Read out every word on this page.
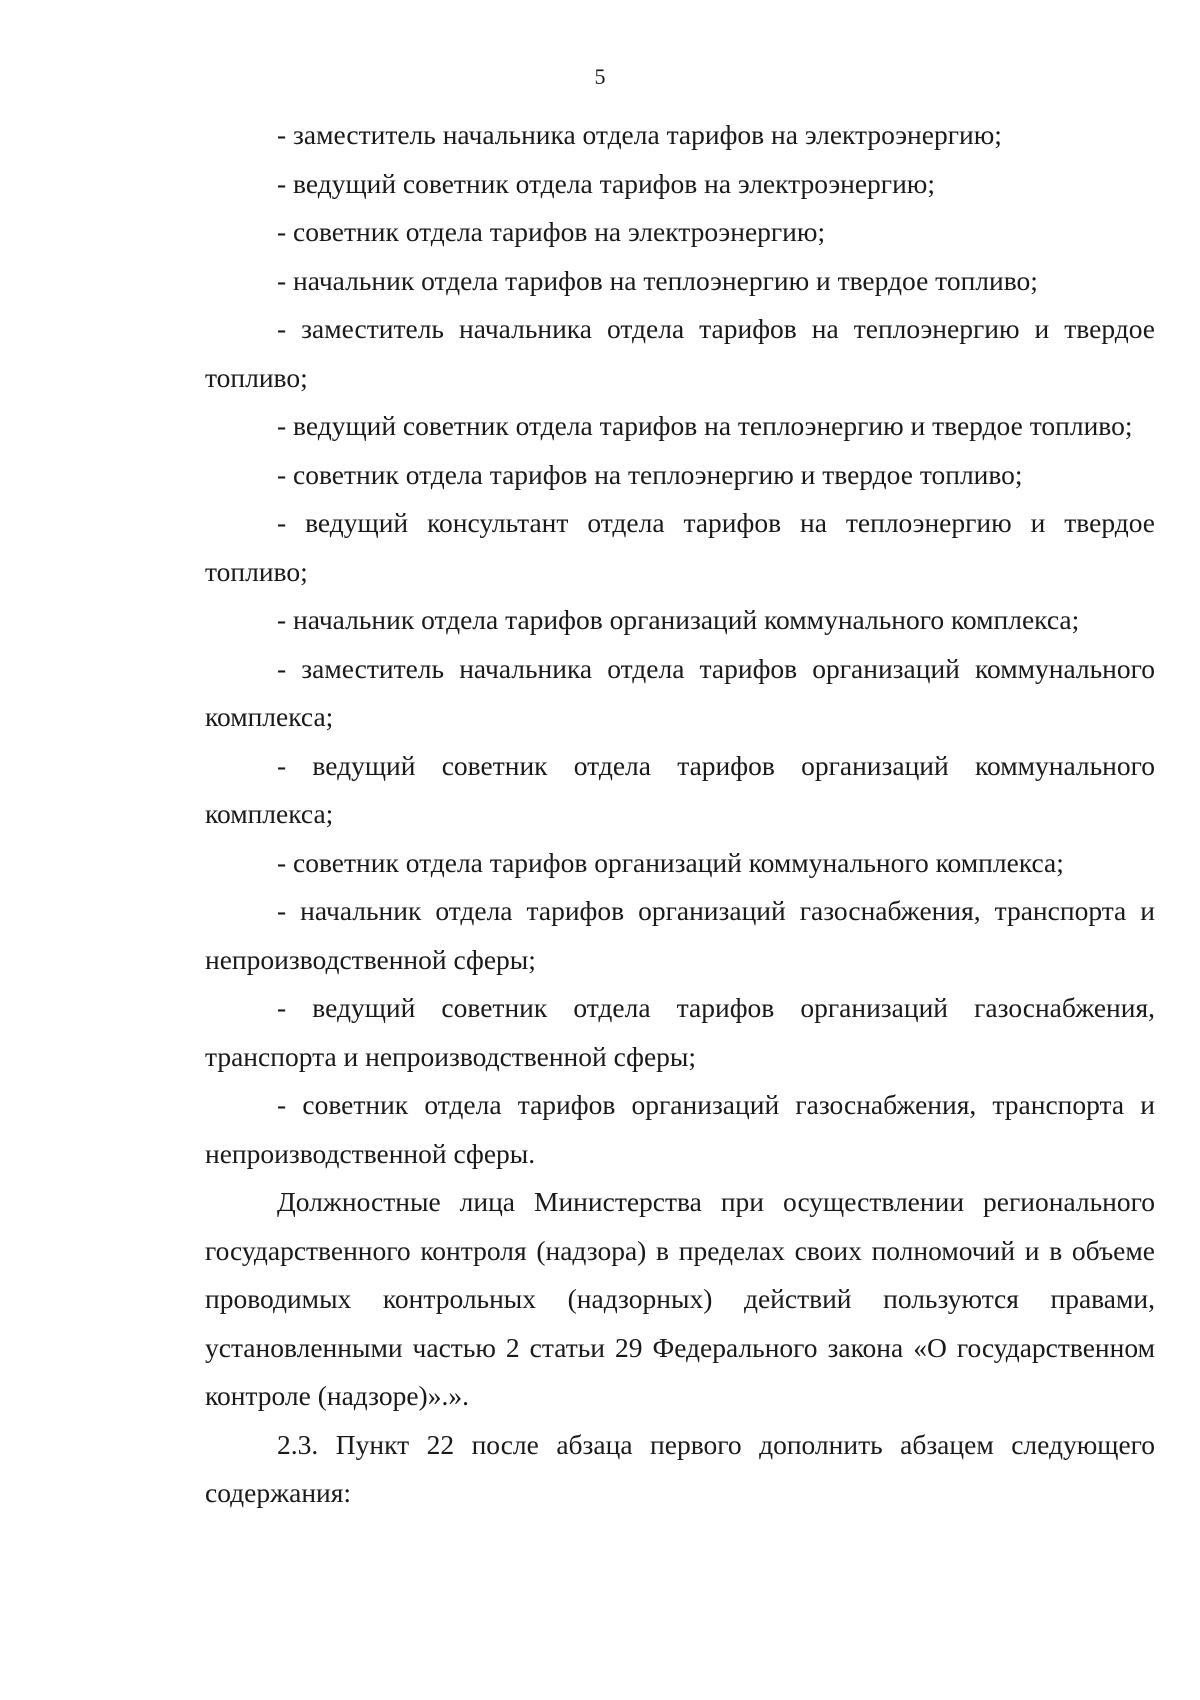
5

- заместитель начальника отдела тарифов на электроэнергию;

- ведущий советник отдела тарифов на электроэнергию;

- советник отдела тарифов на электроэнергию;

- начальник отдела тарифов на теплоэнергию и твердое топливо;

- заместитель начальника отдела тарифов на теплоэнергию и твердое топливо;

- ведущий советник отдела тарифов на теплоэнергию и твердое топливо;

- советник отдела тарифов на теплоэнергию и твердое топливо;

- ведущий консультант отдела тарифов на теплоэнергию и твердое топливо;

- начальник отдела тарифов организаций коммунального комплекса;

- заместитель начальника отдела тарифов организаций коммунального комплекса;

- ведущий советник отдела тарифов организаций коммунального комплекса;

- советник отдела тарифов организаций коммунального комплекса;

- начальник отдела тарифов организаций газоснабжения, транспорта и непроизводственной сферы;

- ведущий советник отдела тарифов организаций газоснабжения, транспорта и непроизводственной сферы;

- советник отдела тарифов организаций газоснабжения, транспорта и непроизводственной сферы.

Должностные лица Министерства при осуществлении регионального государственного контроля (надзора) в пределах своих полномочий и в объеме проводимых контрольных (надзорных) действий пользуются правами, установленными частью 2 статьи 29 Федерального закона «О государственном контроле (надзоре)».».

2.3. Пункт 22 после абзаца первого дополнить абзацем следующего содержания:
